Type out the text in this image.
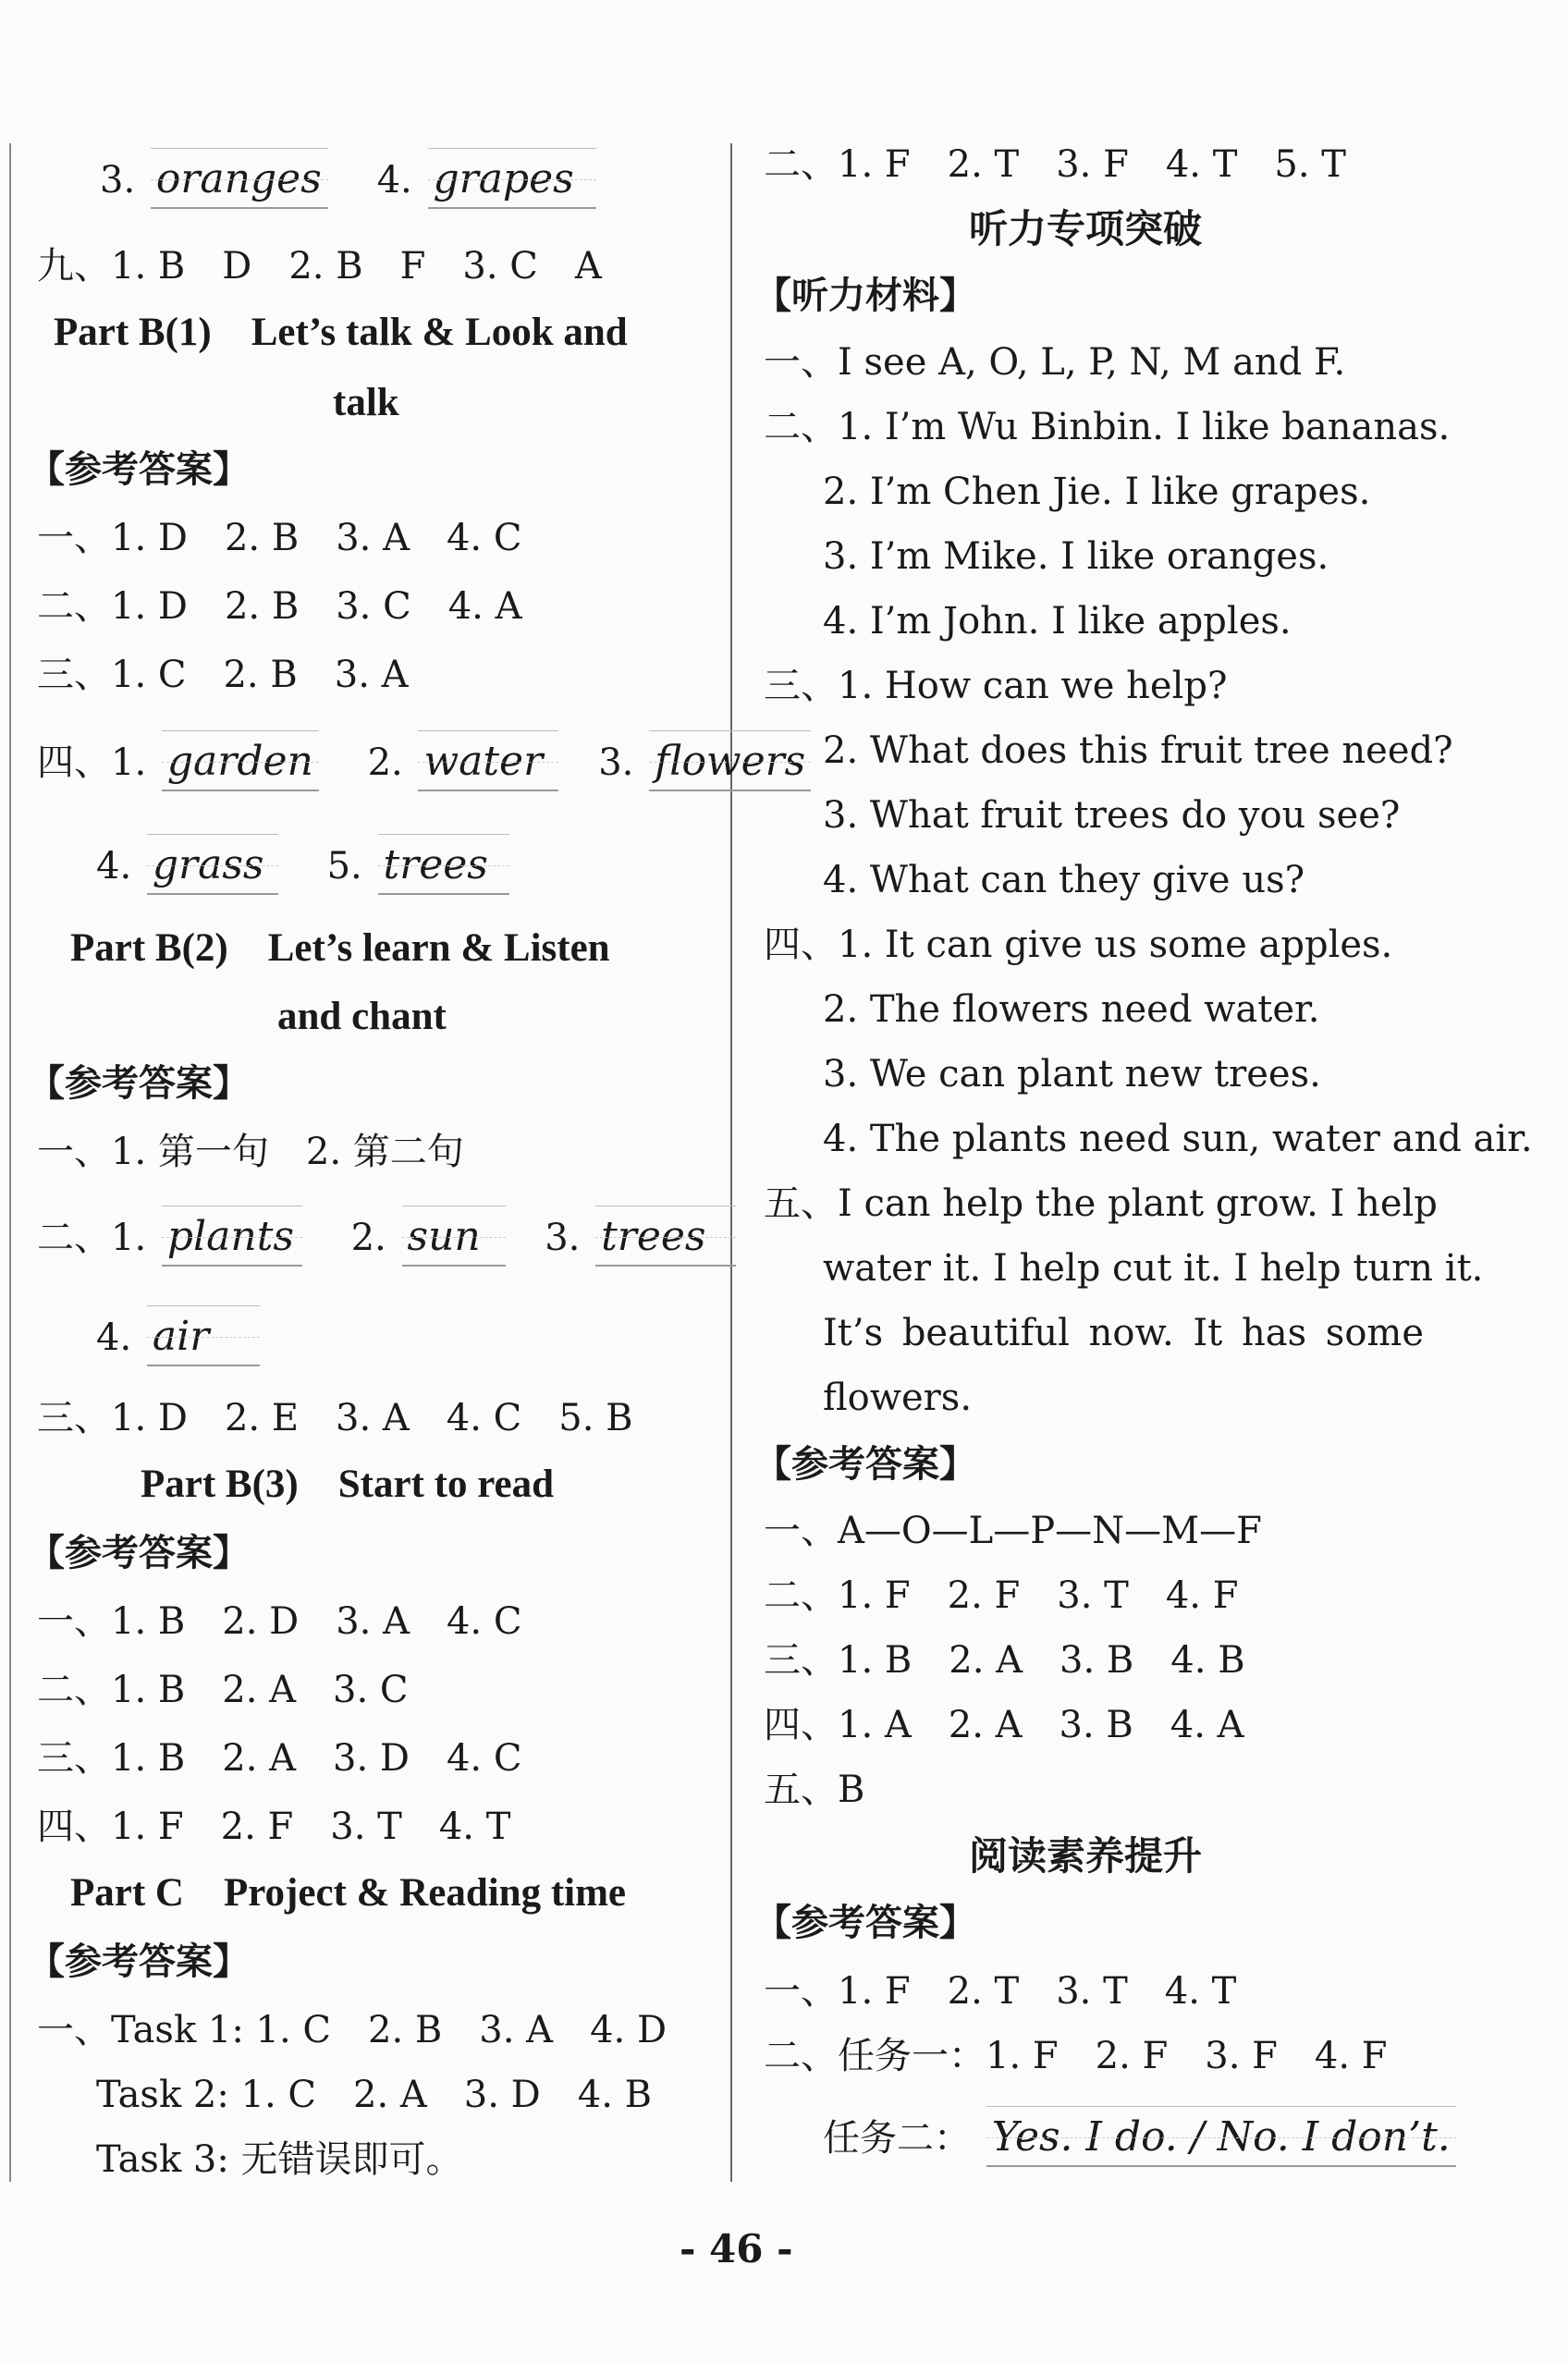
3. oranges 4. grapes
九、1. B　D　2. B　F　3. C　A
Part B(1)　Let’s talk & Look and
talk
【参考答案】
一、1. D　2. B　3. A　4. C
二、1. D　2. B　3. C　4. A
三、1. C　2. B　3. A
四、1. garden 2. water 3. flowers
4. grass 5. trees
Part B(2)　Let’s learn & Listen
and chant
【参考答案】
一、1. 第一句　2. 第二句
二、1. plants 2. sun 3. trees
4. air
三、1. D　2. E　3. A　4. C　5. B
Part B(3)　Start to read
【参考答案】
一、1. B　2. D　3. A　4. C
二、1. B　2. A　3. C
三、1. B　2. A　3. D　4. C
四、1. F　2. F　3. T　4. T
Part C　Project & Reading time
【参考答案】
一、Task 1: 1. C　2. B　3. A　4. D
Task 2: 1. C　2. A　3. D　4. B
Task 3: 无错误即可。
二、1. F　2. T　3. F　4. T　5. T
听力专项突破
【听力材料】
一、I see A, O, L, P, N, M and F.
二、1. I’m Wu Binbin. I like bananas.
2. I’m Chen Jie. I like grapes.
3. I’m Mike. I like oranges.
4. I’m John. I like apples.
三、1. How can we help?
2. What does this fruit tree need?
3. What fruit trees do you see?
4. What can they give us?
四、1. It can give us some apples.
2. The flowers need water.
3. We can plant new trees.
4. The plants need sun, water and air.
五、I can help the plant grow. I help
water it. I help cut it. I help turn it.
It’s beautiful now. It has some
flowers.
【参考答案】
一、A—O—L—P—N—M—F
二、1. F　2. F　3. T　4. F
三、1. B　2. A　3. B　4. B
四、1. A　2. A　3. B　4. A
五、B
阅读素养提升
【参考答案】
一、1. F　2. T　3. T　4. T
二、任务一：1. F　2. F　3. F　4. F
任务二： Yes. I do. / No. I don’t.
- 46 -
